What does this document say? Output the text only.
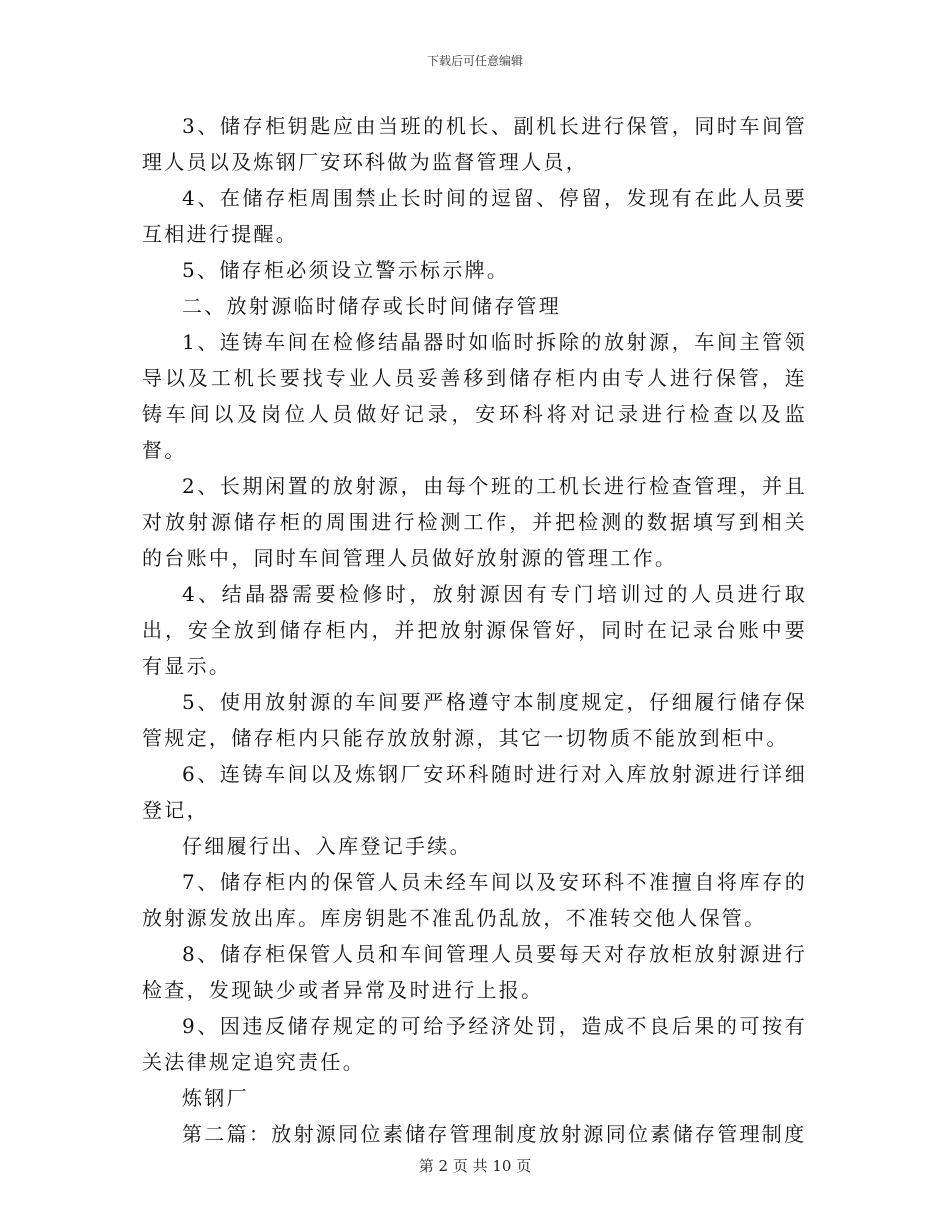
下载后可任意编辑

3、储存柜钥匙应由当班的机长、副机长进行保管，同时车间管理人员以及炼钢厂安环科做为监督管理人员，

4、在储存柜周围禁止长时间的逗留、停留，发现有在此人员要互相进行提醒。

5、储存柜必须设立警示标示牌。

二、放射源临时储存或长时间储存管理

1、连铸车间在检修结晶器时如临时拆除的放射源，车间主管领导以及工机长要找专业人员妥善移到储存柜内由专人进行保管，连铸车间以及岗位人员做好记录，安环科将对记录进行检查以及监督。

2、长期闲置的放射源，由每个班的工机长进行检查管理，并且对放射源储存柜的周围进行检测工作，并把检测的数据填写到相关的台账中，同时车间管理人员做好放射源的管理工作。

4、结晶器需要检修时，放射源因有专门培训过的人员进行取出，安全放到储存柜内，并把放射源保管好，同时在记录台账中要有显示。

5、使用放射源的车间要严格遵守本制度规定，仔细履行储存保管规定，储存柜内只能存放放射源，其它一切物质不能放到柜中。

6、连铸车间以及炼钢厂安环科随时进行对入库放射源进行详细登记，

仔细履行出、入库登记手续。

7、储存柜内的保管人员未经车间以及安环科不准擅自将库存的放射源发放出库。库房钥匙不准乱仍乱放，不准转交他人保管。

8、储存柜保管人员和车间管理人员要每天对存放柜放射源进行检查，发现缺少或者异常及时进行上报。

9、因违反储存规定的可给予经济处罚，造成不良后果的可按有关法律规定追究责任。

炼钢厂

第二篇：放射源同位素储存管理制度放射源同位素储存管理制度

第 2 页 共 10 页
